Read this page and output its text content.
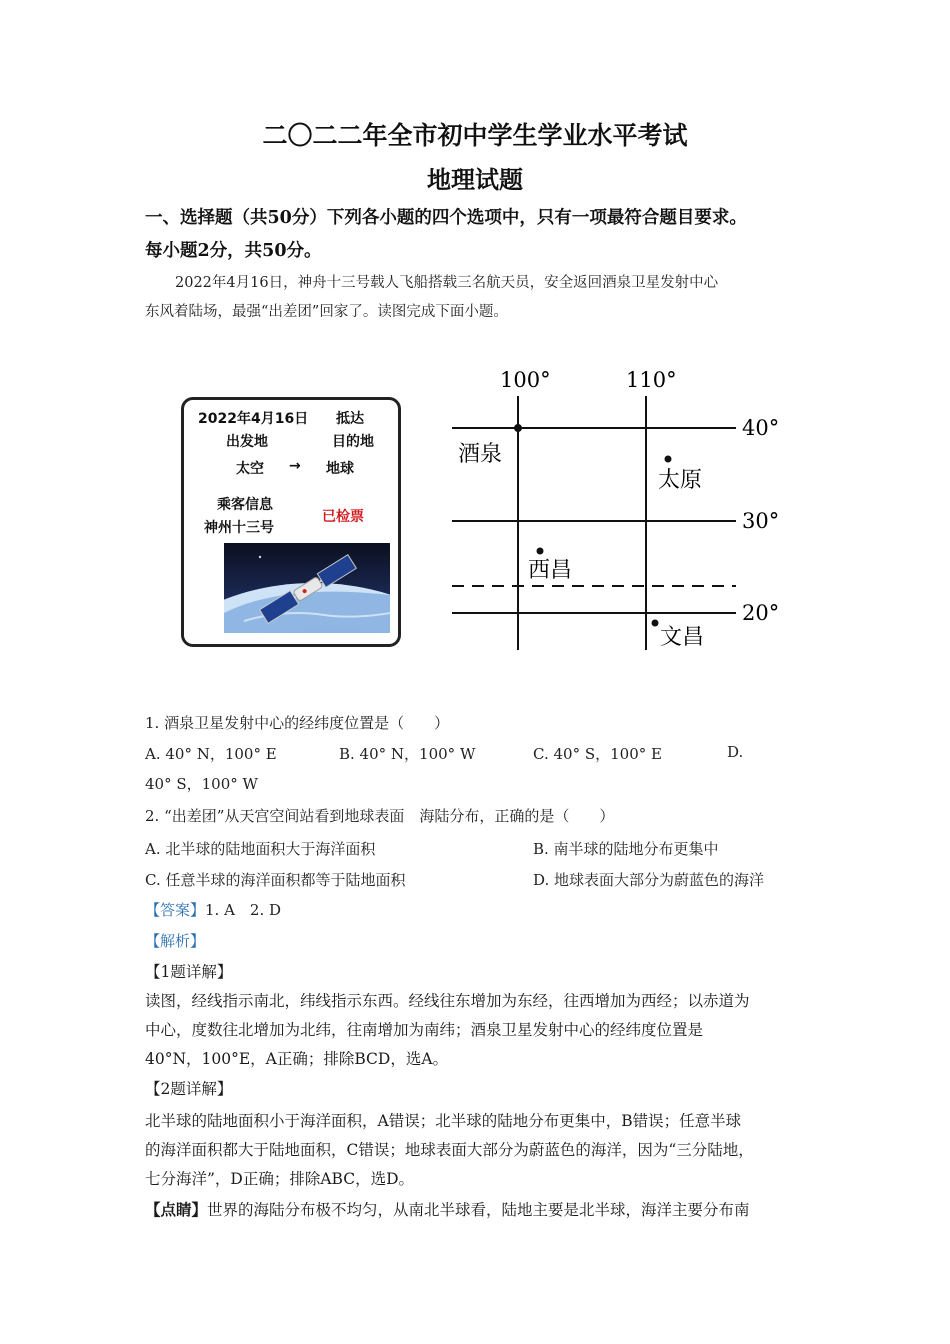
二〇二二年全市初中学生学业水平考试
地理试题
一、选择题（共50分）下列各小题的四个选项中，只有一项最符合题目要求。
每小题2分，共50分。
2022年4月16日，神舟十三号载人飞船搭载三名航天员，安全返回酒泉卫星发射中心
东风着陆场，最强“出差团”回家了。读图完成下面小题。
2022年4月16日 抵达
出发地	目的地
太空 → 地球
乘客信息
神州十三号
已检票
100°	110°
40°
30°
20°
酒泉
太原
西昌
文昌
1. 酒泉卫星发射中心的经纬度位置是（　　）
A. 40° N，100° E	B. 40° N，100° W	C. 40° S，100° E	D.
40° S，100° W
2. “出差团”从天宫空间站看到地球表面　海陆分布，正确的是（　　）
A. 北半球的陆地面积大于海洋面积	B. 南半球的陆地分布更集中
C. 任意半球的海洋面积都等于陆地面积	D. 地球表面大部分为蔚蓝色的海洋
【答案】1. A　2. D
【解析】
【1题详解】
读图，经线指示南北，纬线指示东西。经线往东增加为东经，往西增加为西经；以赤道为
中心，度数往北增加为北纬，往南增加为南纬；酒泉卫星发射中心的经纬度位置是
40°N，100°E，A正确；排除BCD，选A。
【2题详解】
北半球的陆地面积小于海洋面积，A错误；北半球的陆地分布更集中，B错误；任意半球
的海洋面积都大于陆地面积，C错误；地球表面大部分为蔚蓝色的海洋，因为“三分陆地，
七分海洋”，D正确；排除ABC，选D。
【点睛】世界的海陆分布极不均匀，从南北半球看，陆地主要是北半球，海洋主要分布南
